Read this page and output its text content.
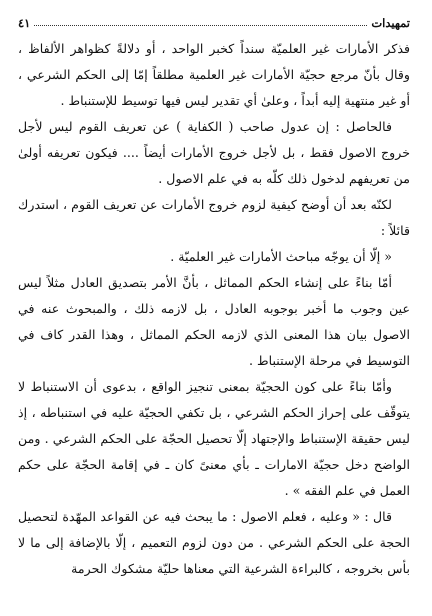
تمهيدات
٤١

فذكر الأمارات غير العلميّة سنداً كخبر الواحد ، أو دلالةً كظواهر الألفاظ ، وقال بأنّ مرجع حجيّة الأمارات غير العلمية مطلقاً إمّا إلى الحكم الشرعي ، أو غير منتهية إليه أبداً ، وعلىٰ أي تقدير ليس فيها توسيط للإستنباط .

فالحاصل : إن عدول صاحب ( الكفاية ) عن تعريف القوم ليس لأجل خروج الاصول فقط ، بل لأجل خروج الأمارات أيضاً .... فيكون تعريفه أولىٰ من تعريفهم لدخول ذلك كلّه به في علم الاصول .

لكنّه بعد أن أوضح كيفية لزوم خروج الأمارات عن تعريف القوم ، استدرك قائلاً :

« إلّا أن يوجّه مباحث الأمارات غير العلميّة .

أمّا بناءً على إنشاء الحكم المماثل ، بأنَّ الأمر بتصديق العادل مثلاً ليس عين وجوب ما أخبر بوجوبه العادل ، بل لازمه ذلك ، والمبحوث عنه في الاصول بيان هذا المعنى الذي لازمه الحكم المماثل ، وهذا القدر كاف في التوسيط في مرحلة الإستنباط .

وأمّا بناءً على كون الحجيّة بمعنى تنجيز الواقع ، بدعوى أن الاستنباط لا يتوقّف على إحراز الحكم الشرعي ، بل تكفي الحجيّة عليه في استنباطه ، إذ ليس حقيقة الإستنباط والإجتهاد إلّا تحصيل الحجّة على الحكم الشرعي . ومن الواضح دخل حجيّة الامارات ـ بأي معنىً كان ـ في إقامة الحجّة على حكم العمل في علم الفقه » .

قال : « وعليه ، فعلم الاصول : ما يبحث فيه عن القواعد المهّدة لتحصيل الحجة على الحكم الشرعي . من دون لزوم التعميم ، إلّا بالإضافة إلى ما لا بأس بخروجه ، كالبراءة الشرعية التي معناها حليّة مشكوك الحرمة
